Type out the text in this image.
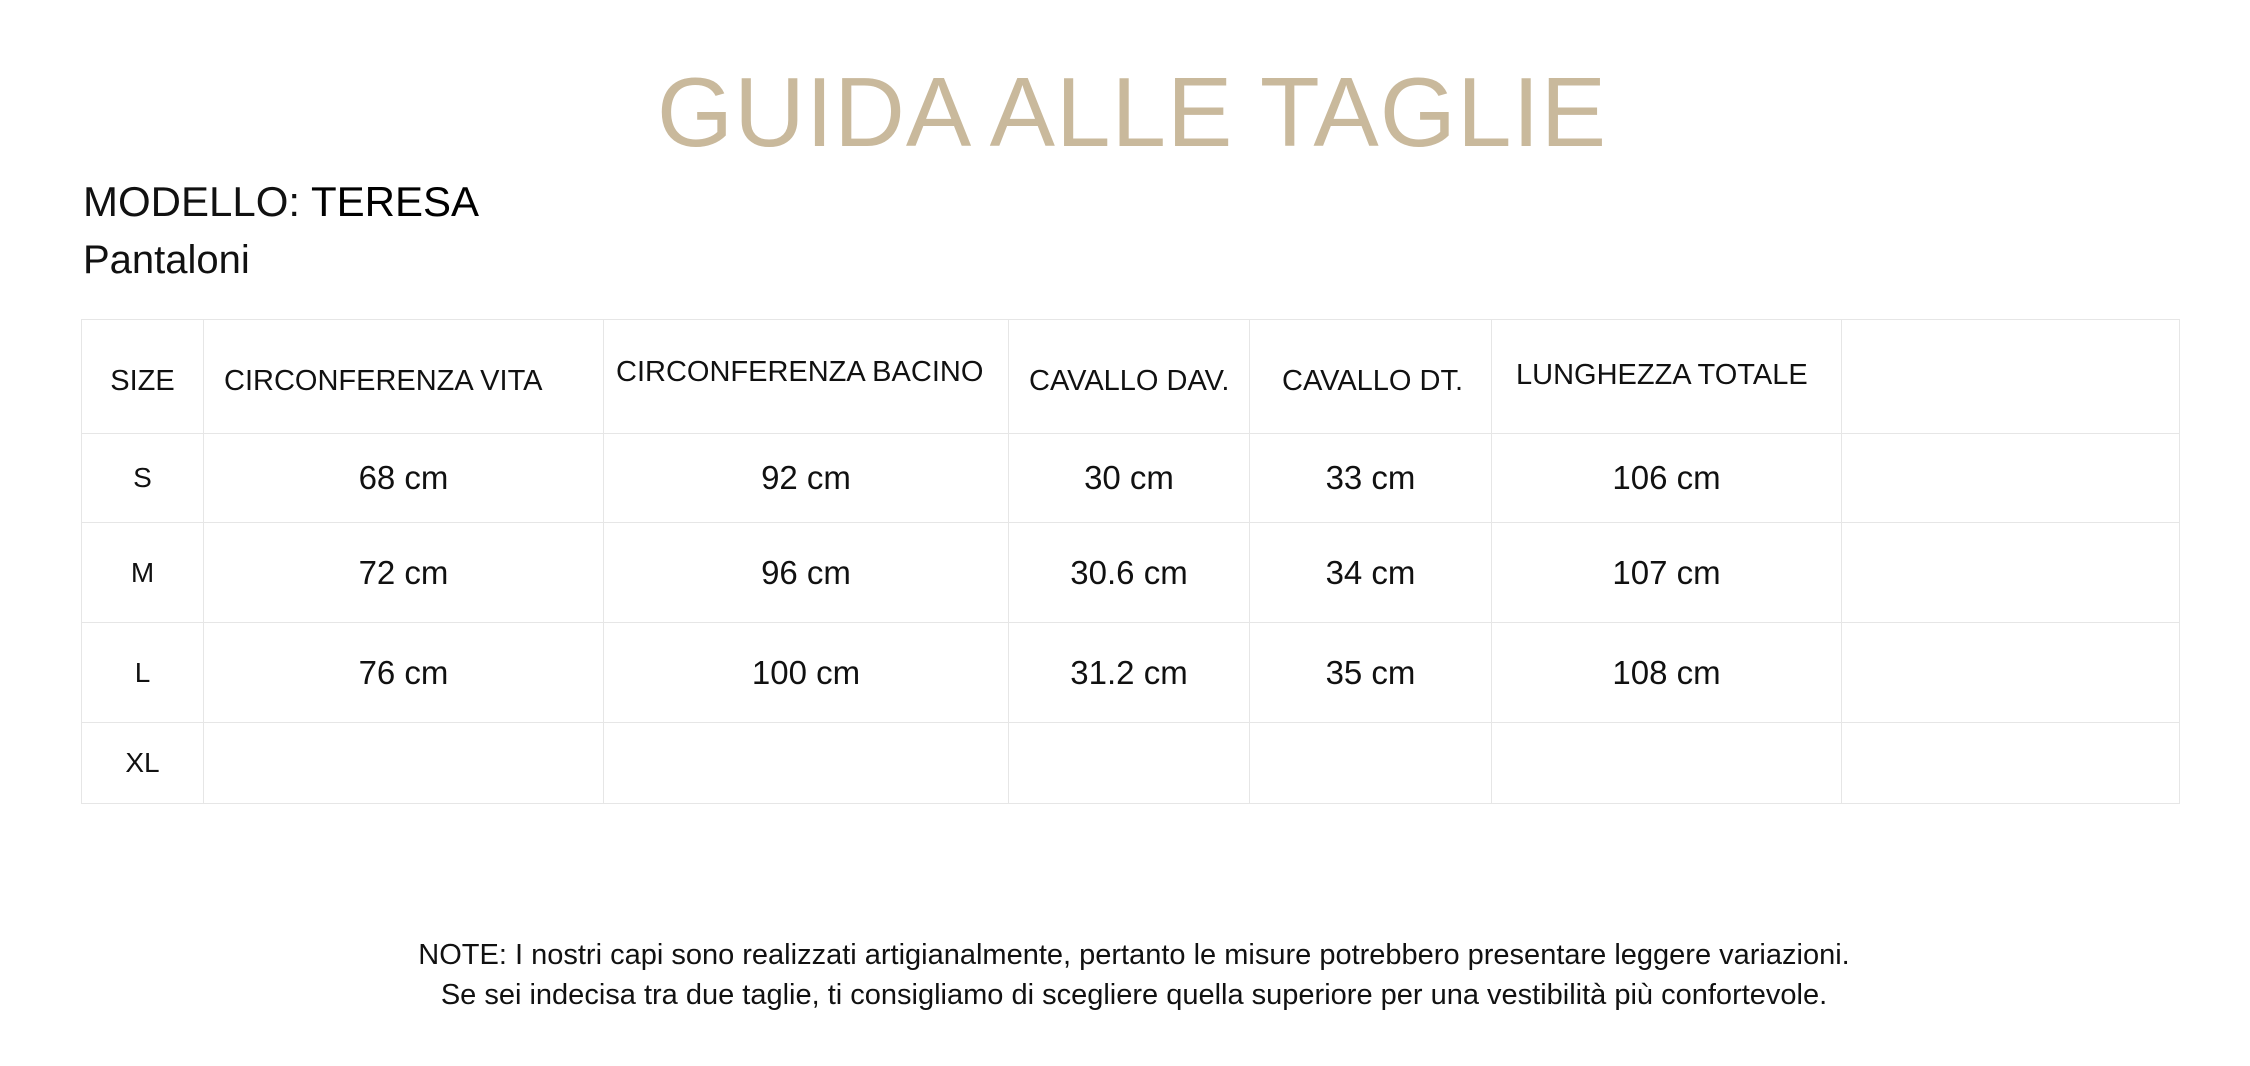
GUIDA ALLE TAGLIE
MODELLO: TERESA
Pantaloni
SIZE	CIRCONFERENZA VITA	CIRCONFERENZA BACINO	CAVALLO DAV.	CAVALLO DT.	LUNGHEZZA TOTALE	
S	68 cm	92 cm	30 cm	33 cm	106 cm	
M	72 cm	96 cm	30.6 cm	34 cm	107 cm	
L	76 cm	100 cm	31.2 cm	35 cm	108 cm	
XL						
NOTE: I nostri capi sono realizzati artigianalmente, pertanto le misure potrebbero presentare leggere variazioni.
Se sei indecisa tra due taglie, ti consigliamo di scegliere quella superiore per una vestibilità più confortevole.
